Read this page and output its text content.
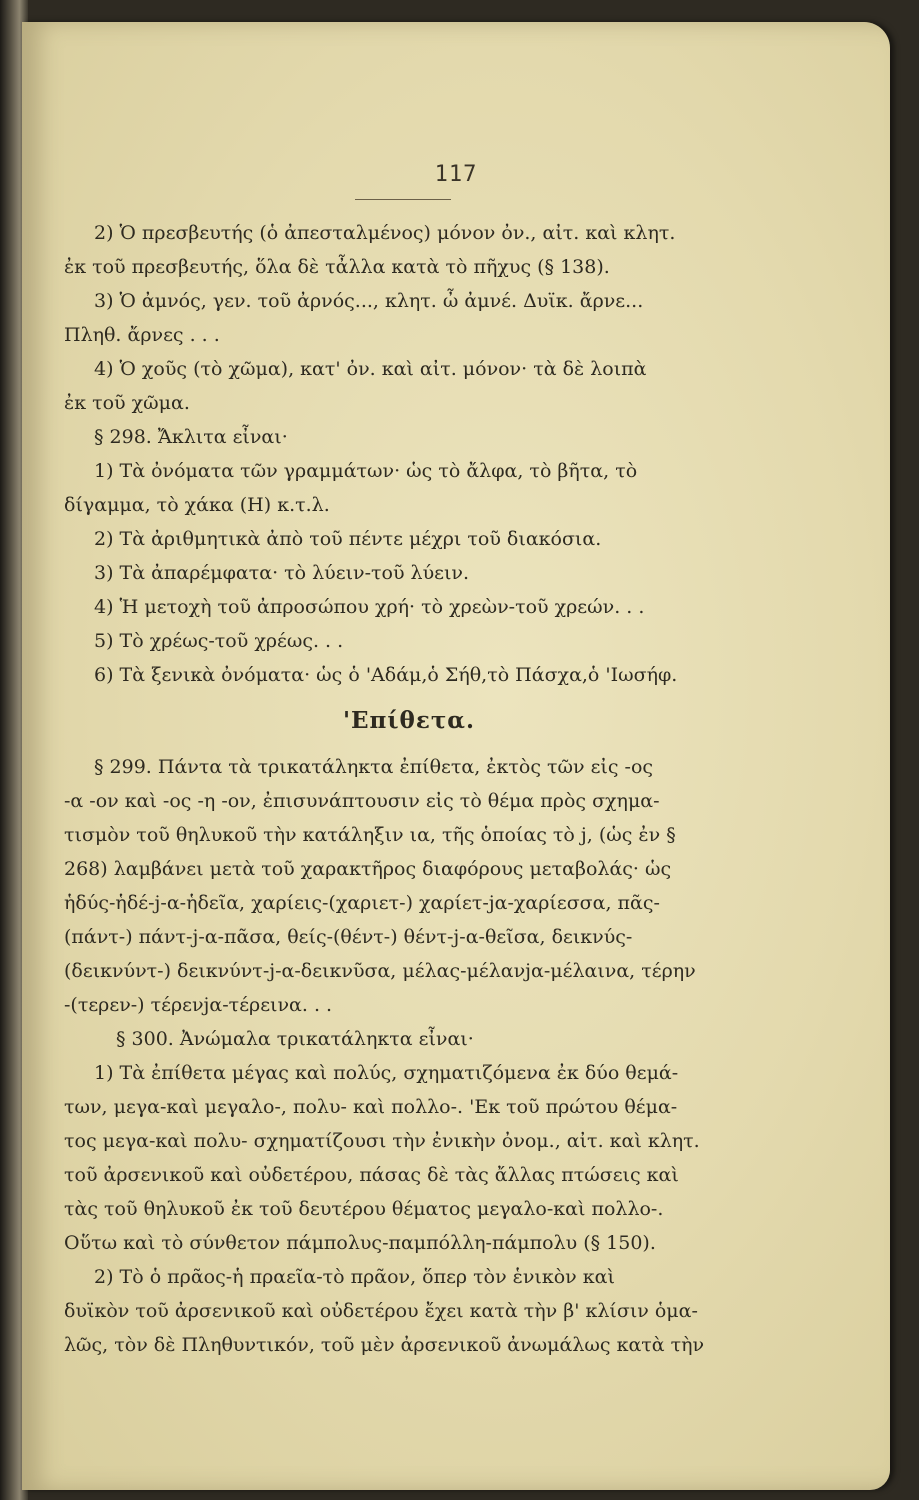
117
2) Ὁ πρεσβευτής (ὁ ἀπεσταλμένος) μόνον ὀν., αἰτ. καὶ κλητ.
ἐκ τοῦ πρεσβευτής, ὅλα δὲ τἆλλα κατὰ τὸ πῆχυς (§ 138).
3) Ὁ ἀμνός, γεν. τοῦ ἀρνός..., κλητ. ὦ ἀμνέ. Δυϊκ. ἄρνε...
Πληθ. ἄρνες . . .
4) Ὁ χοῦς (τὸ χῶμα), κατ' ὀν. καὶ αἰτ. μόνον· τὰ δὲ λοιπὰ
ἐκ τοῦ χῶμα.
§ 298. Ἄκλιτα εἶναι·
1) Τὰ ὀνόματα τῶν γραμμάτων· ὡς τὸ ἄλφα, τὸ βῆτα, τὸ
δίγαμμα, τὸ χάκα (Η) κ.τ.λ.
2) Τὰ ἀριθμητικὰ ἀπὸ τοῦ πέντε μέχρι τοῦ διακόσια.
3) Τὰ ἀπαρέμφατα· τὸ λύειν-τοῦ λύειν.
4) Ἡ μετοχὴ τοῦ ἀπροσώπου χρή· τὸ χρεὼν-τοῦ χρεών. . .
5) Τὸ χρέως-τοῦ χρέως. . .
6) Τὰ ξενικὰ ὀνόματα· ὡς ὁ 'Αδάμ,ὁ Σήθ,τὸ Πάσχα,ὁ 'Ιωσήφ.
'Επίθετα.
§ 299. Πάντα τὰ τρικατάληκτα ἐπίθετα, ἐκτὸς τῶν εἰς -ος
-α -ον καὶ -ος -η -ον, ἐπισυνάπτουσιν εἰς τὸ θέμα πρὸς σχημα-
τισμὸν τοῦ θηλυκοῦ τὴν κατάληξιν ια, τῆς ὁποίας τὸ j, (ὡς ἐν §
268) λαμβάνει μετὰ τοῦ χαρακτῆρος διαφόρους μεταβολάς· ὡς
ἡδύς-ἡδέ-j-α-ἡδεῖα, χαρίεις-(χαριετ-) χαρίετ-jα-χαρίεσσα, πᾶς-
(πάντ-) πάντ-j-α-πᾶσα, θείς-(θέντ-) θέντ-j-α-θεῖσα, δεικνύς-
(δεικνύντ-) δεικνύντ-j-α-δεικνῦσα, μέλας-μέλανjα-μέλαινα, τέρην
-(τερεν-) τέρενjα-τέρεινα. . .
§ 300. Ἀνώμαλα τρικατάληκτα εἶναι·
1) Τὰ ἐπίθετα μέγας καὶ πολύς, σχηματιζόμενα ἐκ δύο θεμά-
των, μεγα-καὶ μεγαλο-, πολυ- καὶ πολλο-. 'Εκ τοῦ πρώτου θέμα-
τος μεγα-καὶ πολυ- σχηματίζουσι τὴν ἐνικὴν ὀνομ., αἰτ. καὶ κλητ.
τοῦ ἀρσενικοῦ καὶ οὐδετέρου, πάσας δὲ τὰς ἄλλας πτώσεις καὶ
τὰς τοῦ θηλυκοῦ ἐκ τοῦ δευτέρου θέματος μεγαλο-καὶ πολλο-.
Οὕτω καὶ τὸ σύνθετον πάμπολυς-παμπόλλη-πάμπολυ (§ 150).
2) Τὸ ὁ πρᾶος-ἡ πραεῖα-τὸ πρᾶον, ὅπερ τὸν ἑνικὸν καὶ
δυϊκὸν τοῦ ἀρσενικοῦ καὶ οὐδετέρου ἔχει κατὰ τὴν β' κλίσιν ὁμα-
λῶς, τὸν δὲ Πληθυντικόν, τοῦ μὲν ἀρσενικοῦ ἀνωμάλως κατὰ τὴν
